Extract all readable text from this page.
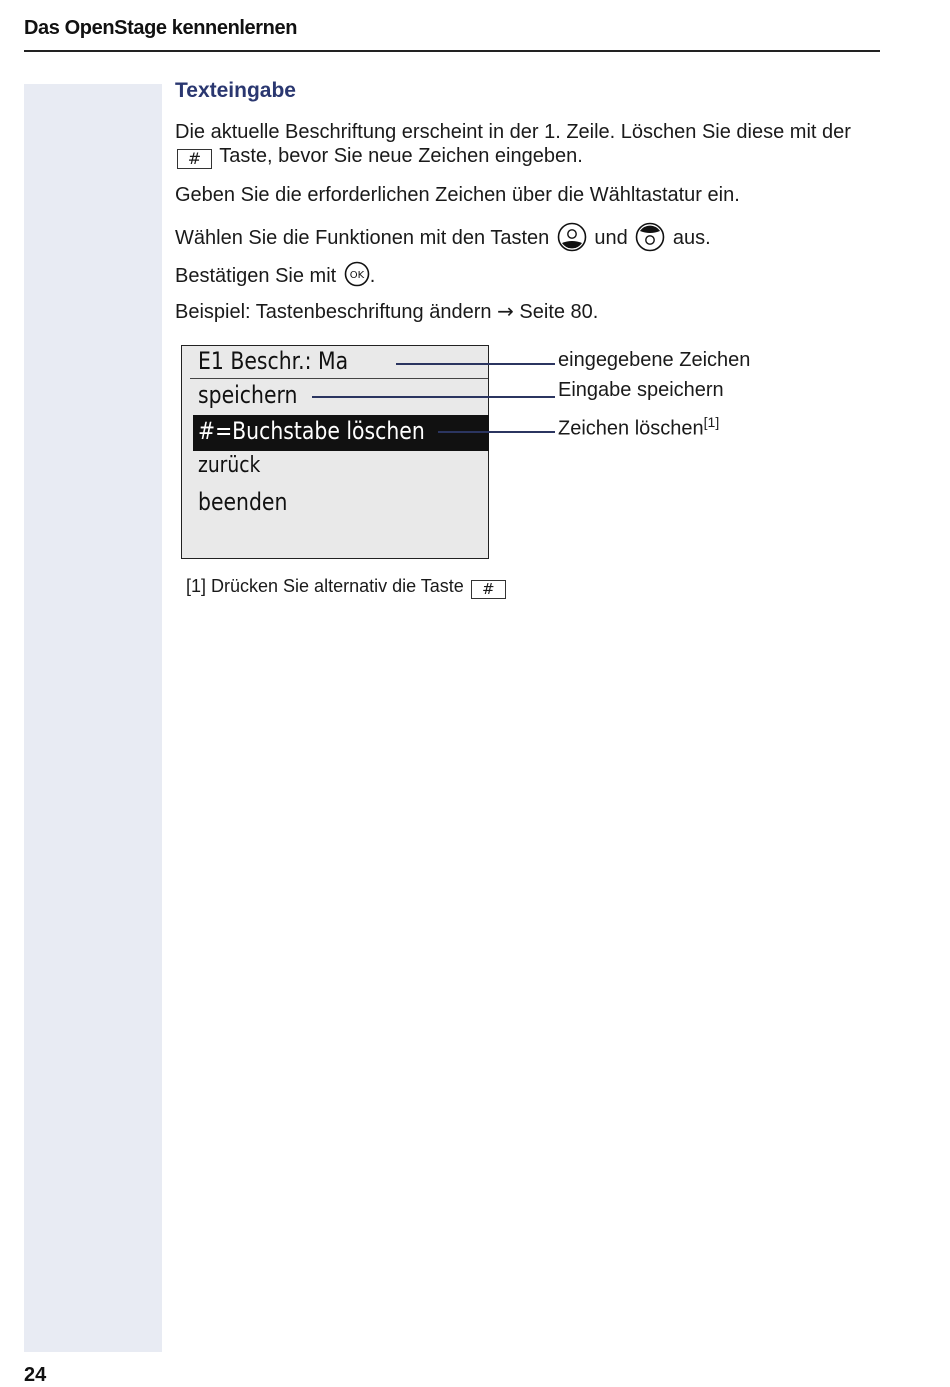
Das OpenStage kennenlernen
24
Texteingabe
Die aktuelle Beschriftung erscheint in der 1. Zeile. Löschen Sie diese mit der # Taste, bevor Sie neue Zeichen eingeben.
Geben Sie die erforderlichen Zeichen über die Wähltastatur ein.
Wählen Sie die Funktionen mit den Tasten und aus.
Bestätigen Sie mit OK .
Beispiel: Tastenbeschriftung ändern → Seite 80.
E1 Beschr.: Ma
speichern
#=Buchstabe löschen
zurück
beenden
eingegebene Zeichen
Eingabe speichern
Zeichen löschen[1]
[1] Drücken Sie alternativ die Taste #
